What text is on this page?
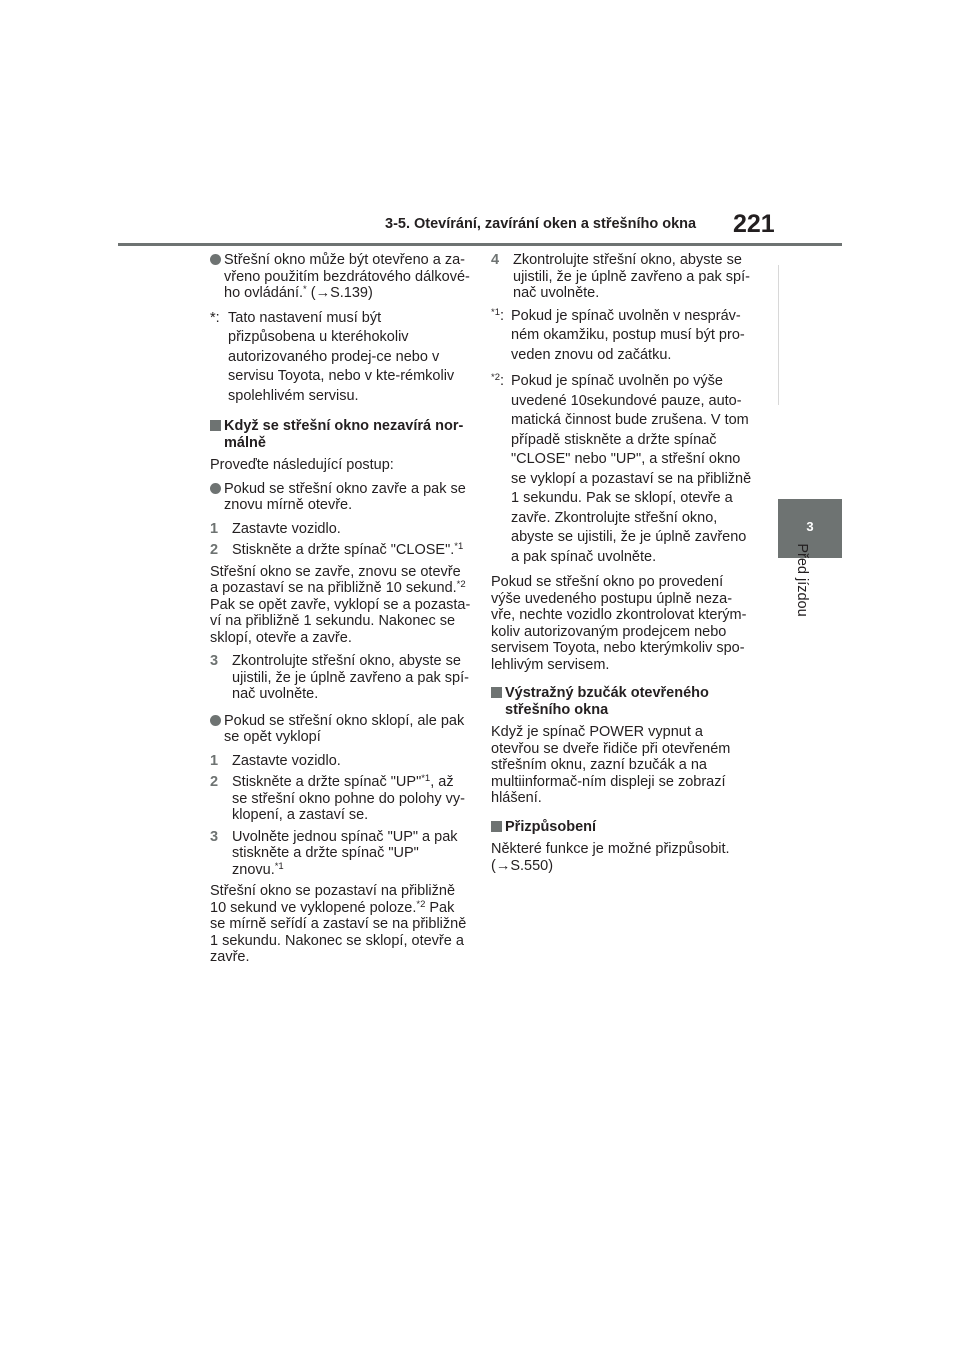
3-5. Otevírání, zavírání oken a střešního okna 221
3
Před jízdou
Střešní okno může být otevřeno a za-vřeno použitím bezdrátového dálkové-ho ovládání.* (→S.139)
*: Tato nastavení musí být přizpůsobena u kteréhokoliv autorizovaného prodej-ce nebo v servisu Toyota, nebo v kte-rémkoliv spolehlivém servisu.
Když se střešní okno nezavírá nor-málně
Proveďte následující postup:
Pokud se střešní okno zavře a pak se znovu mírně otevře.
1 Zastavte vozidlo.
2 Stiskněte a držte spínač "CLOSE".$^{*1}$
Střešní okno se zavře, znovu se otevře a pozastaví se na přibližně 10 sekund.$^{*2}$ Pak se opět zavře, vyklopí se a pozasta-ví na přibližně 1 sekundu. Nakonec se sklopí, otevře a zavře.
3 Zkontrolujte střešní okno, abyste se ujistili, že je úplně zavřeno a pak spí-nač uvolněte.
Pokud se střešní okno sklopí, ale pak se opět vyklopí
1 Zastavte vozidlo.
2 Stiskněte a držte spínač "UP"$^{*1}$, až se střešní okno pohne do polohy vy-klopení, a zastaví se.
3 Uvolněte jednou spínač "UP" a pak stiskněte a držte spínač "UP" znovu.$^{*1}$
Střešní okno se pozastaví na přibližně 10 sekund ve vyklopené poloze.$^{*2}$ Pak se mírně seřídí a zastaví se na přibližně 1 sekundu. Nakonec se sklopí, otevře a zavře.
4 Zkontrolujte střešní okno, abyste se ujistili, že je úplně zavřeno a pak spí-nač uvolněte.
$^{*1}$: Pokud je spínač uvolněn v nespráv-ném okamžiku, postup musí být pro-veden znovu od začátku.
$^{*2}$: Pokud je spínač uvolněn po výše uvedené 10sekundové pauze, auto-matická činnost bude zrušena. V tom případě stiskněte a držte spínač "CLOSE" nebo "UP", a střešní okno se vyklopí a pozastaví se na přibližně 1 sekundu. Pak se sklopí, otevře a zavře. Zkontrolujte střešní okno, abyste se ujistili, že je úplně zavřeno a pak spínač uvolněte.
Pokud se střešní okno po provedení výše uvedeného postupu úplně neza-vře, nechte vozidlo zkontrolovat kterým-koliv autorizovaným prodejcem nebo servisem Toyota, nebo kterýmkoliv spo-lehlivým servisem.
Výstražný bzučák otevřeného střešního okna
Když je spínač POWER vypnut a otevřou se dveře řidiče při otevřeném střešním oknu, zazní bzučák a na multiinformač-ním displeji se zobrazí hlášení.
Přizpůsobení
Některé funkce je možné přizpůsobit.
(→S.550)
